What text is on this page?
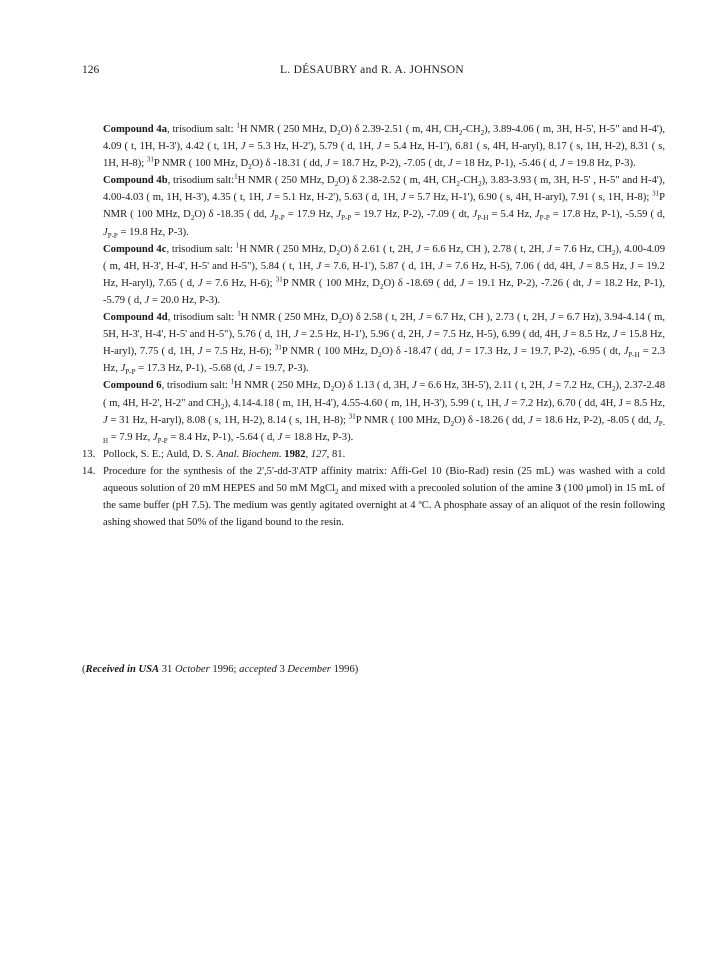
126	L. DÉSAUBRY and R. A. JOHNSON

Compound 4a, trisodium salt: $^1$H NMR ( 250 MHz, $D_2O$) δ 2.39-2.51 ( m, 4H, $CH_2-CH_2$), 3.89-4.06 ( m, 3H, H-5', H-5" and H-4'), 4.09 ( t, 1H, H-3'), 4.42 ( t, 1H, J = 5.3 Hz, H-2'), 5.79 ( d, 1H, J = 5.4 Hz, H-1'), 6.81 ( s, 4H, H-aryl), 8.17 ( s, 1H, H-2), 8.31 ( s, 1H, H-8); $^{31}$P NMR ( 100 MHz, $D_2O$) δ -18.31 ( dd, J = 18.7 Hz, P-2), -7.05 ( dt, J = 18 Hz, P-1), -5.46 ( d, J = 19.8 Hz, P-3).

Compound 4b, trisodium salt:$^1$H NMR ( 250 MHz, $D_2O$) δ 2.38-2.52 ( m, 4H, $CH_2-CH_2$), 3.83-3.93 ( m, 3H, H-5' , H-5" and H-4'), 4.00-4.03 ( m, 1H, H-3'), 4.35 ( t, 1H, J = 5.1 Hz, H-2'), 5.63 ( d, 1H, J = 5.7 Hz, H-1'), 6.90 ( s, 4H, H-aryl), 7.91 ( s, 1H, H-8); $^{31}$P NMR ( 100 MHz, $D_2O$) δ -18.35 ( dd, $J_{P-P} = 17.9$ Hz, $J_{P-P} = 19.7$ Hz, P-2), -7.09 ( dt, $J_{P-H} = 5.4$ Hz, $J_{P-P} = 17.8$ Hz, P-1), -5.59 ( d, $J_{P-P} = 19.8$ Hz, P-3).

Compound 4c, trisodium salt: $^1$H NMR ( 250 MHz, $D_2O$) δ 2.61 ( t, 2H, J = 6.6 Hz, CH ), 2.78 ( t, 2H, J = 7.6 Hz, $CH_2$), 4.00-4.09 ( m, 4H, H-3', H-4', H-5' and H-5"), 5.84 ( t, 1H, J = 7.6, H-1'), 5.87 ( d, 1H, J = 7.6 Hz, H-5), 7.06 ( dd, 4H, J = 8.5 Hz, J = 19.2 Hz, H-aryl), 7.65 ( d, J = 7.6 Hz, H-6); $^{31}$P NMR ( 100 MHz, $D_2O$) δ -18.69 ( dd, J = 19.1 Hz, P-2), -7.26 ( dt, J = 18.2 Hz, P-1), -5.79 ( d, J = 20.0 Hz, P-3).

Compound 4d, trisodium salt: $^1$H NMR ( 250 MHz, $D_2O$) δ 2.58 ( t, 2H, J = 6.7 Hz, CH ), 2.73 ( t, 2H, J = 6.7 Hz), 3.94-4.14 ( m, 5H, H-3', H-4', H-5' and H-5"), 5.76 ( d, 1H, J = 2.5 Hz, H-1'), 5.96 ( d, 2H, J = 7.5 Hz, H-5), 6.99 ( dd, 4H, J = 8.5 Hz, J = 15.8 Hz, H-aryl), 7.75 ( d, 1H, J = 7.5 Hz, H-6); $^{31}$P NMR ( 100 MHz, $D_2O$) δ -18.47 ( dd, J = 17.3 Hz, J = 19.7, P-2), -6.95 ( dt, $J_{P-H} = 2.3$ Hz, $J_{P-P} = 17.3$ Hz, P-1), -5.68 (d, J = 19.7, P-3).

Compound 6, trisodium salt: $^1$H NMR ( 250 MHz, $D_2O$) δ 1.13 ( d, 3H, J = 6.6 Hz, 3H-5'), 2.11 ( t, 2H, J = 7.2 Hz, $CH_2$), 2.37-2.48 ( m, 4H, H-2', H-2" and $CH_2$), 4.14-4.18 ( m, 1H, H-4'), 4.55-4.60 ( m, 1H, H-3'), 5.99 ( t, 1H, J = 7.2 Hz), 6.70 ( dd, 4H, J = 8.5 Hz, J = 31 Hz, H-aryl), 8.08 ( s, 1H, H-2), 8.14 ( s, 1H, H-8); $^{31}$P NMR ( 100 MHz, $D_2O$) δ -18.26 ( dd, J = 18.6 Hz, P-2), -8.05 ( dd, $J_{P-H} = 7.9$ Hz, $J_{P-P} = 8.4$ Hz, P-1), -5.64 ( d, J = 18.8 Hz, P-3).

13. Pollock, S. E.; Auld, D. S. Anal. Biochem. 1982, 127, 81.
14. Procedure for the synthesis of the 2',5'-dd-3'ATP affinity matrix: Affi-Gel 10 (Bio-Rad) resin (25 mL) was washed with a cold aqueous solution of 20 mM HEPES and 50 mM MgCl$_2$ and mixed with a precooled solution of the amine 3 (100 μmol) in 15 mL of the same buffer (pH 7.5). The medium was gently agitated overnight at 4 ºC. A phosphate assay of an aliquot of the resin following ashing showed that 50% of the ligand bound to the resin.
(Received in USA 31 October 1996; accepted 3 December 1996)
